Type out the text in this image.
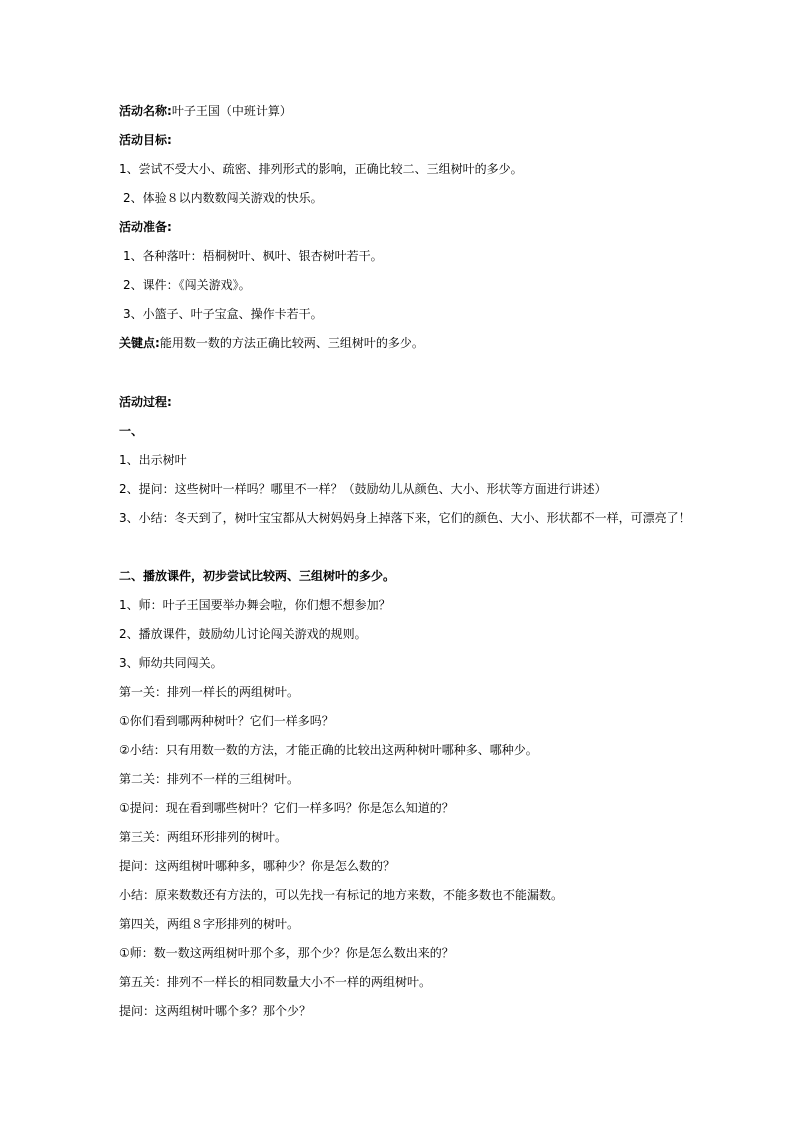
活动名称:叶子王国（中班计算）
活动目标:
1、尝试不受大小、疏密、排列形式的影响，正确比较二、三组树叶的多少。
2、体验８以内数数闯关游戏的快乐。
活动准备:
1、各种落叶：梧桐树叶、枫叶、银杏树叶若干。
2、课件：《闯关游戏》。
3、小篮子、叶子宝盒、操作卡若干。
关键点:能用数一数的方法正确比较两、三组树叶的多少。
活动过程:
一、
1、出示树叶
2、提问：这些树叶一样吗？哪里不一样？（鼓励幼儿从颜色、大小、形状等方面进行讲述）
3、小结：冬天到了，树叶宝宝都从大树妈妈身上掉落下来，它们的颜色、大小、形状都不一样，可漂亮了！
二、播放课件，初步尝试比较两、三组树叶的多少。
1、师：叶子王国要举办舞会啦，你们想不想参加？
2、播放课件，鼓励幼儿讨论闯关游戏的规则。
3、师幼共同闯关。
第一关：排列一样长的两组树叶。
①你们看到哪两种树叶？它们一样多吗？
②小结：只有用数一数的方法，才能正确的比较出这两种树叶哪种多、哪种少。
第二关：排列不一样的三组树叶。
①提问：现在看到哪些树叶？它们一样多吗？你是怎么知道的？
第三关：两组环形排列的树叶。
提问：这两组树叶哪种多，哪种少？你是怎么数的？
小结：原来数数还有方法的，可以先找一有标记的地方来数，不能多数也不能漏数。
第四关，两组８字形排列的树叶。
①师：数一数这两组树叶那个多，那个少？你是怎么数出来的？
第五关：排列不一样长的相同数量大小不一样的两组树叶。
提问：这两组树叶哪个多？那个少？
